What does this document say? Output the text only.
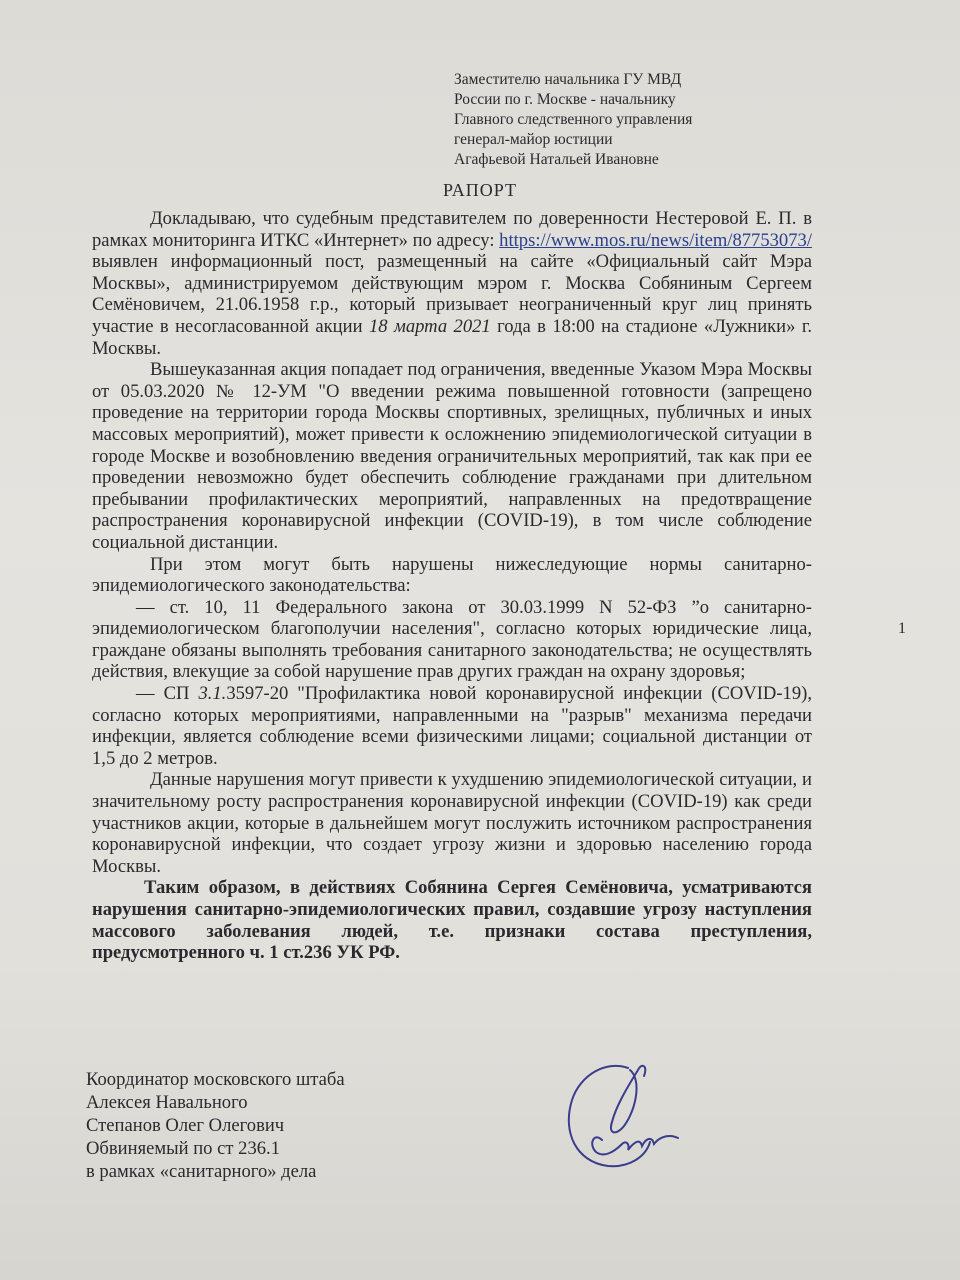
Заместителю начальника ГУ МВД
России по г. Москве - начальнику
Главного следственного управления
генерал-майор юстиции
Агафьевой Натальей Ивановне
РАПОРТ

Докладываю, что судебным представителем по доверенности Нестеровой Е. П. в рамках мониторинга ИТКС «Интернет» по адресу: https://www.mos.ru/news/item/87753073/ выявлен информационный пост, размещенный на сайте «Официальный сайт Мэра Москвы», администрируемом действующим мэром г. Москва Собяниным Сергеем Семёновичем, 21.06.1958 г.р., который призывает неограниченный круг лиц принять участие в несогласованной акции 18 марта 2021 года в 18:00 на стадионе «Лужники» г. Москвы.

Вышеуказанная акция попадает под ограничения, введенные Указом Мэра Москвы от 05.03.2020 № 12-УМ "О введении режима повышенной готовности (запрещено проведение на территории города Москвы спортивных, зрелищных, публичных и иных массовых мероприятий), может привести к осложнению эпидемиологической ситуации в городе Москве и возобновлению введения ограничительных мероприятий, так как при ее проведении невозможно будет обеспечить соблюдение гражданами при длительном пребывании профилактических мероприятий, направленных на предотвращение распространения коронавирусной инфекции (COVID-19), в том числе соблюдение социальной дистанции.

При этом могут быть нарушены нижеследующие нормы санитарно-эпидемиологического законодательства:

— ст. 10, 11 Федерального закона от 30.03.1999 N 52-ФЗ ”о санитарно-эпидемиологическом благополучии населения", согласно которых юридические лица, граждане обязаны выполнять требования санитарного законодательства; не осуществлять действия, влекущие за собой нарушение прав других граждан на охрану здоровья;

— СП 3.1.3597-20 "Профилактика новой коронавирусной инфекции (COVID-19), согласно которых мероприятиями, направленными на "разрыв" механизма передачи инфекции, является соблюдение всеми физическими лицами; социальной дистанции от 1,5 до 2 метров.

Данные нарушения могут привести к ухудшению эпидемиологической ситуации, и значительному росту распространения коронавирусной инфекции (COVID-19) как среди участников акции, которые в дальнейшем могут послужить источником распространения коронавирусной инфекции, что создает угрозу жизни и здоровью населению города Москвы.

Таким образом, в действиях Собянина Сергея Семёновича, усматриваются нарушения санитарно-эпидемиологических правил, создавшие угрозу наступления массового заболевания людей, т.е. признаки состава преступления, предусмотренного ч. 1 ст.236 УК РФ.

1
Координатор московского штаба
Алексея Навального
Степанов Олег Олегович
Обвиняемый по ст 236.1
в рамках «санитарного» дела
